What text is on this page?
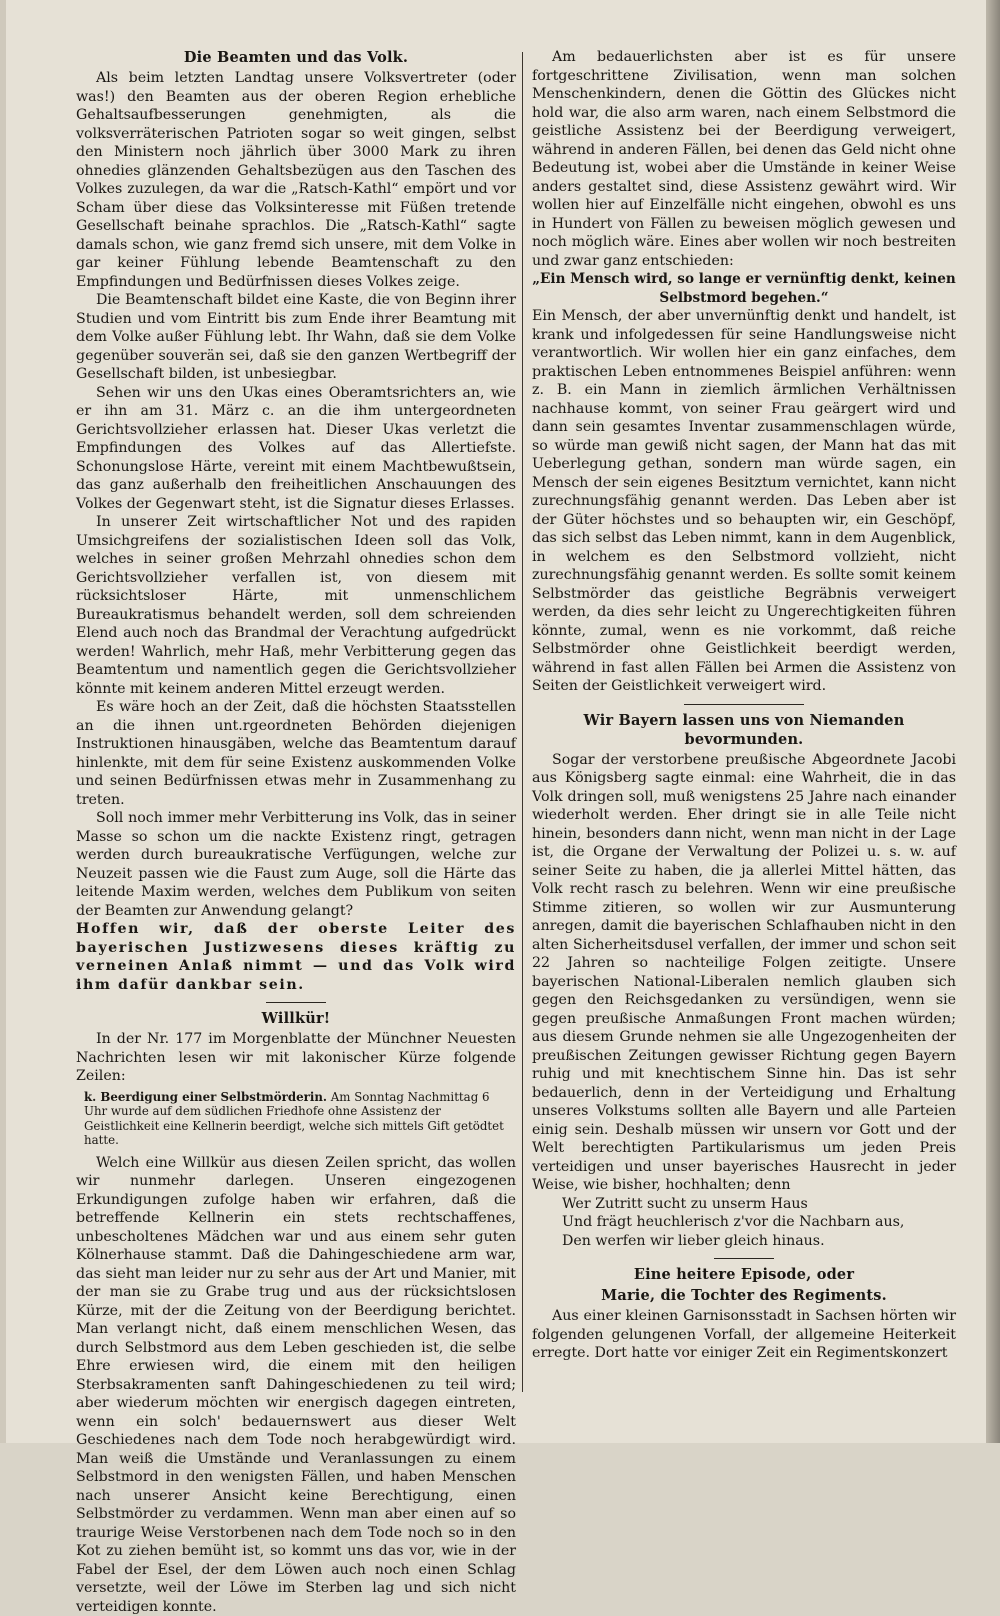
Die Beamten und das Volk.

Als beim letzten Landtag unsere Volksvertreter (oder was!) den Beamten aus der oberen Region erhebliche Gehaltsaufbesserungen genehmigten, als die volksverräterischen Patrioten sogar so weit gingen, selbst den Ministern noch jährlich über 3000 Mark zu ihren ohnedies glänzenden Gehaltsbezügen aus den Taschen des Volkes zuzulegen, da war die „Ratsch-Kathl“ empört und vor Scham über diese das Volksinteresse mit Füßen tretende Gesellschaft beinahe sprachlos. Die „Ratsch-Kathl“ sagte damals schon, wie ganz fremd sich unsere, mit dem Volke in gar keiner Fühlung lebende Beamtenschaft zu den Empfindungen und Bedürfnissen dieses Volkes zeige.

Die Beamtenschaft bildet eine Kaste, die von Beginn ihrer Studien und vom Eintritt bis zum Ende ihrer Beamtung mit dem Volke außer Fühlung lebt. Ihr Wahn, daß sie dem Volke gegenüber souverän sei, daß sie den ganzen Wertbegriff der Gesellschaft bilden, ist unbesiegbar.

Sehen wir uns den Ukas eines Oberamtsrichters an, wie er ihn am 31. März c. an die ihm untergeordneten Gerichtsvollzieher erlassen hat. Dieser Ukas verletzt die Empfindungen des Volkes auf das Allertiefste. Schonungslose Härte, vereint mit einem Machtbewußtsein, das ganz außerhalb den freiheitlichen Anschauungen des Volkes der Gegenwart steht, ist die Signatur dieses Erlasses.

In unserer Zeit wirtschaftlicher Not und des rapiden Umsichgreifens der sozialistischen Ideen soll das Volk, welches in seiner großen Mehrzahl ohnedies schon dem Gerichtsvollzieher verfallen ist, von diesem mit rücksichtsloser Härte, mit unmenschlichem Bureaukratismus behandelt werden, soll dem schreienden Elend auch noch das Brandmal der Verachtung aufgedrückt werden! Wahrlich, mehr Haß, mehr Verbitterung gegen das Beamtentum und namentlich gegen die Gerichtsvollzieher könnte mit keinem anderen Mittel erzeugt werden.

Es wäre hoch an der Zeit, daß die höchsten Staatsstellen an die ihnen unt.rgeordneten Behörden diejenigen Instruktionen hinausgäben, welche das Beamtentum darauf hinlenkte, mit dem für seine Existenz auskommenden Volke und seinen Bedürfnissen etwas mehr in Zusammenhang zu treten.

Soll noch immer mehr Verbitterung ins Volk, das in seiner Masse so schon um die nackte Existenz ringt, getragen werden durch bureaukratische Verfügungen, welche zur Neuzeit passen wie die Faust zum Auge, soll die Härte das leitende Maxim werden, welches dem Publikum von seiten der Beamten zur Anwendung gelangt?

Hoffen wir, daß der oberste Leiter des bayerischen Justizwesens dieses kräftig zu verneinen Anlaß nimmt — und das Volk wird ihm dafür dankbar sein.

Willkür!

In der Nr. 177 im Morgenblatte der Münchner Neuesten Nachrichten lesen wir mit lakonischer Kürze folgende Zeilen:

k. Beerdigung einer Selbstmörderin. Am Sonntag Nachmittag 6 Uhr wurde auf dem südlichen Friedhofe ohne Assistenz der Geistlichkeit eine Kellnerin beerdigt, welche sich mittels Gift getödtet hatte.

Welch eine Willkür aus diesen Zeilen spricht, das wollen wir nunmehr darlegen. Unseren eingezogenen Erkundigungen zufolge haben wir erfahren, daß die betreffende Kellnerin ein stets rechtschaffenes, unbescholtenes Mädchen war und aus einem sehr guten Kölnerhause stammt. Daß die Dahingeschiedene arm war, das sieht man leider nur zu sehr aus der Art und Manier, mit der man sie zu Grabe trug und aus der rücksichtslosen Kürze, mit der die Zeitung von der Beerdigung berichtet. Man verlangt nicht, daß einem menschlichen Wesen, das durch Selbstmord aus dem Leben geschieden ist, die selbe Ehre erwiesen wird, die einem mit den heiligen Sterbsakramenten sanft Dahingeschiedenen zu teil wird; aber wiederum möchten wir energisch dagegen eintreten, wenn ein solch' bedauernswert aus dieser Welt Geschiedenes nach dem Tode noch herabgewürdigt wird. Man weiß die Umstände und Veranlassungen zu einem Selbstmord in den wenigsten Fällen, und haben Menschen nach unserer Ansicht keine Berechtigung, einen Selbstmörder zu verdammen. Wenn man aber einen auf so traurige Weise Verstorbenen nach dem Tode noch so in den Kot zu ziehen bemüht ist, so kommt uns das vor, wie in der Fabel der Esel, der dem Löwen auch noch einen Schlag versetzte, weil der Löwe im Sterben lag und sich nicht verteidigen konnte.

Am bedauerlichsten aber ist es für unsere fortgeschrittene Zivilisation, wenn man solchen Menschenkindern, denen die Göttin des Glückes nicht hold war, die also arm waren, nach einem Selbstmord die geistliche Assistenz bei der Beerdigung verweigert, während in anderen Fällen, bei denen das Geld nicht ohne Bedeutung ist, wobei aber die Umstände in keiner Weise anders gestaltet sind, diese Assistenz gewährt wird. Wir wollen hier auf Einzelfälle nicht eingehen, obwohl es uns in Hundert von Fällen zu beweisen möglich gewesen und noch möglich wäre. Eines aber wollen wir noch bestreiten und zwar ganz entschieden:

„Ein Mensch wird, so lange er vernünftig denkt, keinen Selbstmord begehen.“

Ein Mensch, der aber unvernünftig denkt und handelt, ist krank und infolgedessen für seine Handlungsweise nicht verantwortlich. Wir wollen hier ein ganz einfaches, dem praktischen Leben entnommenes Beispiel anführen: wenn z. B. ein Mann in ziemlich ärmlichen Verhältnissen nachhause kommt, von seiner Frau geärgert wird und dann sein gesamtes Inventar zusammenschlagen würde, so würde man gewiß nicht sagen, der Mann hat das mit Ueberlegung gethan, sondern man würde sagen, ein Mensch der sein eigenes Besitztum vernichtet, kann nicht zurechnungsfähig genannt werden. Das Leben aber ist der Güter höchstes und so behaupten wir, ein Geschöpf, das sich selbst das Leben nimmt, kann in dem Augenblick, in welchem es den Selbstmord vollzieht, nicht zurechnungsfähig genannt werden. Es sollte somit keinem Selbstmörder das geistliche Begräbnis verweigert werden, da dies sehr leicht zu Ungerechtigkeiten führen könnte, zumal, wenn es nie vorkommt, daß reiche Selbstmörder ohne Geistlichkeit beerdigt werden, während in fast allen Fällen bei Armen die Assistenz von Seiten der Geistlichkeit verweigert wird.

Wir Bayern lassen uns von Niemanden bevormunden.

Sogar der verstorbene preußische Abgeordnete Jacobi aus Königsberg sagte einmal: eine Wahrheit, die in das Volk dringen soll, muß wenigstens 25 Jahre nach einander wiederholt werden. Eher dringt sie in alle Teile nicht hinein, besonders dann nicht, wenn man nicht in der Lage ist, die Organe der Verwaltung der Polizei u. s. w. auf seiner Seite zu haben, die ja allerlei Mittel hätten, das Volk recht rasch zu belehren. Wenn wir eine preußische Stimme zitieren, so wollen wir zur Ausmunterung anregen, damit die bayerischen Schlafhauben nicht in den alten Sicherheitsdusel verfallen, der immer und schon seit 22 Jahren so nachteilige Folgen zeitigte. Unsere bayerischen National-Liberalen nemlich glauben sich gegen den Reichsgedanken zu versündigen, wenn sie gegen preußische Anmaßungen Front machen würden; aus diesem Grunde nehmen sie alle Ungezogenheiten der preußischen Zeitungen gewisser Richtung gegen Bayern ruhig und mit knechtischem Sinne hin. Das ist sehr bedauerlich, denn in der Verteidigung und Erhaltung unseres Volkstums sollten alle Bayern und alle Parteien einig sein. Deshalb müssen wir unsern vor Gott und der Welt berechtigten Partikularismus um jeden Preis verteidigen und unser bayerisches Hausrecht in jeder Weise, wie bisher, hochhalten; denn

Wer Zutritt sucht zu unserm Haus
Und frägt heuchlerisch z'vor die Nachbarn aus,
Den werfen wir lieber gleich hinaus.
Eine heitere Episode, oder
Marie, die Tochter des Regiments.

Aus einer kleinen Garnisonsstadt in Sachsen hörten wir folgenden gelungenen Vorfall, der allgemeine Heiterkeit erregte. Dort hatte vor einiger Zeit ein Regimentskonzert
